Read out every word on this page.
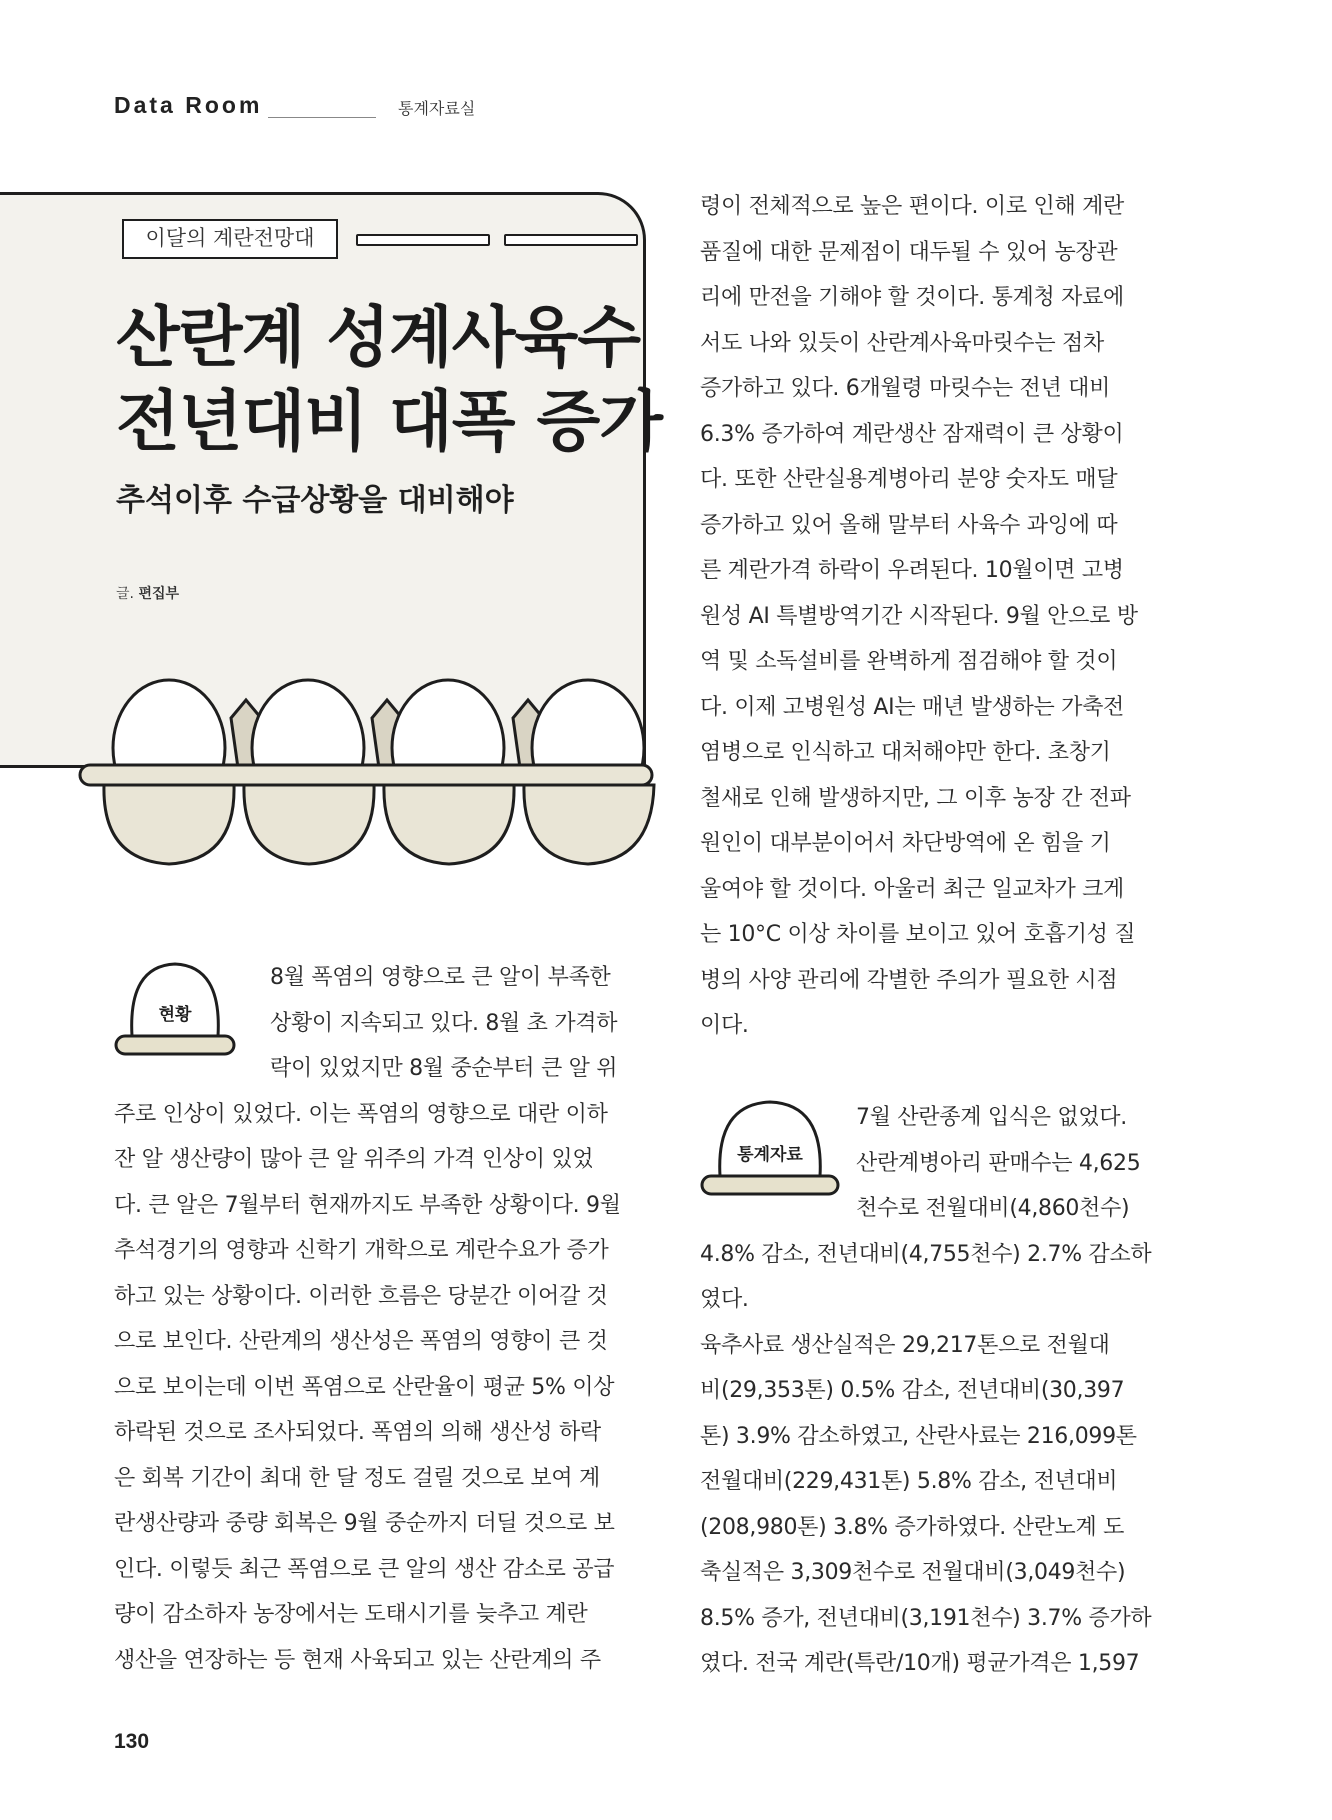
Data Room	통계자료실
이달의 계란전망대
산란계 성계사육수
전년대비 대폭 증가
추석이후 수급상황을 대비해야
글. 편집부
현황
8월 폭염의 영향으로 큰 알이 부족한
상황이 지속되고 있다. 8월 초 가격하
락이 있었지만 8월 중순부터 큰 알 위
주로 인상이 있었다. 이는 폭염의 영향으로 대란 이하
잔 알 생산량이 많아 큰 알 위주의 가격 인상이 있었
다. 큰 알은 7월부터 현재까지도 부족한 상황이다. 9월
추석경기의 영향과 신학기 개학으로 계란수요가 증가
하고 있는 상황이다. 이러한 흐름은 당분간 이어갈 것
으로 보인다. 산란계의 생산성은 폭염의 영향이 큰 것
으로 보이는데 이번 폭염으로 산란율이 평균 5% 이상
하락된 것으로 조사되었다. 폭염의 의해 생산성 하락
은 회복 기간이 최대 한 달 정도 걸릴 것으로 보여 계
란생산량과 중량 회복은 9월 중순까지 더딜 것으로 보
인다. 이렇듯 최근 폭염으로 큰 알의 생산 감소로 공급
량이 감소하자 농장에서는 도태시기를 늦추고 계란
생산을 연장하는 등 현재 사육되고 있는 산란계의 주
령이 전체적으로 높은 편이다. 이로 인해 계란
품질에 대한 문제점이 대두될 수 있어 농장관
리에 만전을 기해야 할 것이다. 통계청 자료에
서도 나와 있듯이 산란계사육마릿수는 점차
증가하고 있다. 6개월령 마릿수는 전년 대비
6.3% 증가하여 계란생산 잠재력이 큰 상황이
다. 또한 산란실용계병아리 분양 숫자도 매달
증가하고 있어 올해 말부터 사육수 과잉에 따
른 계란가격 하락이 우려된다. 10월이면 고병
원성 AI 특별방역기간 시작된다. 9월 안으로 방
역 및 소독설비를 완벽하게 점검해야 할 것이
다. 이제 고병원성 AI는 매년 발생하는 가축전
염병으로 인식하고 대처해야만 한다. 초창기
철새로 인해 발생하지만, 그 이후 농장 간 전파
원인이 대부분이어서 차단방역에 온 힘을 기
울여야 할 것이다. 아울러 최근 일교차가 크게
는 10°C 이상 차이를 보이고 있어 호흡기성 질
병의 사양 관리에 각별한 주의가 필요한 시점
이다.
통계자료
7월 산란종계 입식은 없었다.
산란계병아리 판매수는 4,625
천수로 전월대비(4,860천수)
4.8% 감소, 전년대비(4,755천수) 2.7% 감소하
였다.
육추사료 생산실적은 29,217톤으로 전월대
비(29,353톤) 0.5% 감소, 전년대비(30,397
톤) 3.9% 감소하였고, 산란사료는 216,099톤
전월대비(229,431톤) 5.8% 감소, 전년대비
(208,980톤) 3.8% 증가하였다. 산란노계 도
축실적은 3,309천수로 전월대비(3,049천수)
8.5% 증가, 전년대비(3,191천수) 3.7% 증가하
였다. 전국 계란(특란/10개) 평균가격은 1,597
130
